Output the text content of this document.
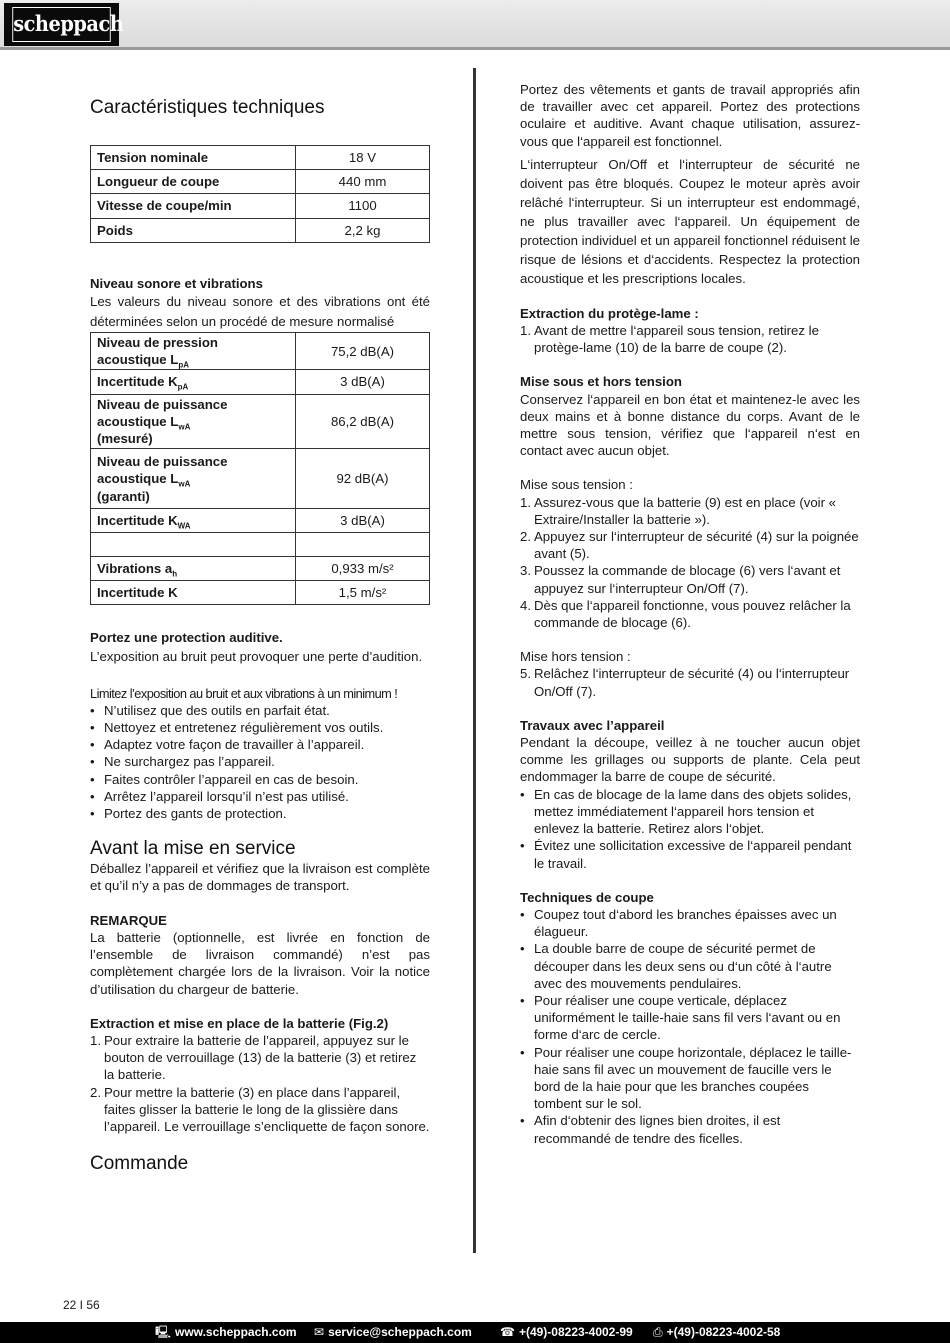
scheppach
Caractéristiques techniques
Tension nominale	18 V
Longueur de coupe	440 mm
Vitesse de coupe/min	1100
Poids	2,2 kg

Niveau sonore et vibrations

Les valeurs du niveau sonore et des vibrations ont été déterminées selon un procédé de mesure normalisé

Niveau de pression
acoustique $L_{pA}$	75,2 dB(A)
Incertitude $K_{pA}$	3 dB(A)
Niveau de puissance
acoustique $L_{wA}$
(mesuré)	86,2 dB(A)
Niveau de puissance
acoustique $L_{wA}$
(garanti)	92 dB(A)
Incertitude $K_{WA}$	3 dB(A)

Vibrations $a_h$	0,933 m/s²
Incertitude K	1,5 m/s²

Portez une protection auditive.

L’exposition au bruit peut provoquer une perte d’audition.

Limitez l’exposition au bruit et aux vibrations à un minimum !

• N’utilisez que des outils en parfait état.
• Nettoyez et entretenez régulièrement vos outils.
• Adaptez votre façon de travailler à l’appareil.
• Ne surchargez pas l’appareil.
• Faites contrôler l’appareil en cas de besoin.
• Arrêtez l’appareil lorsqu’il n’est pas utilisé.
• Portez des gants de protection.
Avant la mise en service

Déballez l’appareil et vérifiez que la livraison est complète et qu’il n’y a pas de dommages de transport.

REMARQUE

La batterie (optionnelle, est livrée en fonction de l’ensemble de livraison commandé) n’est pas complètement chargée lors de la livraison. Voir la notice d’utilisation du chargeur de batterie.

Extraction et mise en place de la batterie (Fig.2)

1. Pour extraire la batterie de l’appareil, appuyez sur le bouton de verrouillage (13) de la batterie (3) et retirez la batterie.
2. Pour mettre la batterie (3) en place dans l’appareil, faites glisser la batterie le long de la glissière dans l’appareil. Le verrouillage s’encliquette de façon sonore.
Commande

Portez des vêtements et gants de travail appropriés afin de travailler avec cet appareil. Portez des protections oculaire et auditive. Avant chaque utilisation, assurez-vous que l‘appareil est fonctionnel.

L‘interrupteur On/Off et l‘interrupteur de sécurité ne doivent pas être bloqués. Coupez le moteur après avoir relâché l‘interrupteur. Si un interrupteur est endommagé, ne plus travailler avec l‘appareil. Un équipement de protection individuel et un appareil fonctionnel réduisent le risque de lésions et d‘accidents. Respectez la protection acoustique et les prescriptions locales.

Extraction du protège-lame :

1. Avant de mettre l‘appareil sous tension, retirez le protège-lame (10) de la barre de coupe (2).

Mise sous et hors tension

Conservez l‘appareil en bon état et maintenez-le avec les deux mains et à bonne distance du corps. Avant de le mettre sous tension, vérifiez que l‘appareil n‘est en contact avec aucun objet.

Mise sous tension :

1. Assurez-vous que la batterie (9) est en place (voir « Extraire/Installer la batterie »).
2. Appuyez sur l‘interrupteur de sécurité (4) sur la poignée avant (5).
3. Poussez la commande de blocage (6) vers l‘avant et appuyez sur l‘interrupteur On/Off (7).
4. Dès que l‘appareil fonctionne, vous pouvez relâcher la commande de blocage (6).

Mise hors tension :

5. Relâchez l‘interrupteur de sécurité (4) ou l‘interrupteur On/Off (7).

Travaux avec l’appareil

Pendant la découpe, veillez à ne toucher aucun objet comme les grillages ou supports de plante. Cela peut endommager la barre de coupe de sécurité.

• En cas de blocage de la lame dans des objets solides, mettez immédiatement l‘appareil hors tension et enlevez la batterie. Retirez alors l‘objet.
• Évitez une sollicitation excessive de l‘appareil pendant le travail.

Techniques de coupe

• Coupez tout d‘abord les branches épaisses avec un élagueur.
• La double barre de coupe de sécurité permet de découper dans les deux sens ou d‘un côté à l‘autre avec des mouvements pendulaires.
• Pour réaliser une coupe verticale, déplacez uniformément le taille-haie sans fil vers l‘avant ou en forme d‘arc de cercle.
• Pour réaliser une coupe horizontale, déplacez le taille-haie sans fil avec un mouvement de faucille vers le bord de la haie pour que les branches coupées tombent sur le sol.
• Afin d‘obtenir des lignes bien droites, il est recommandé de tendre des ficelles.
22 I 56
🖳 www.scheppach.com ✉ service@scheppach.com ☎ +(49)-08223-4002-99 ⎙ +(49)-08223-4002-58
